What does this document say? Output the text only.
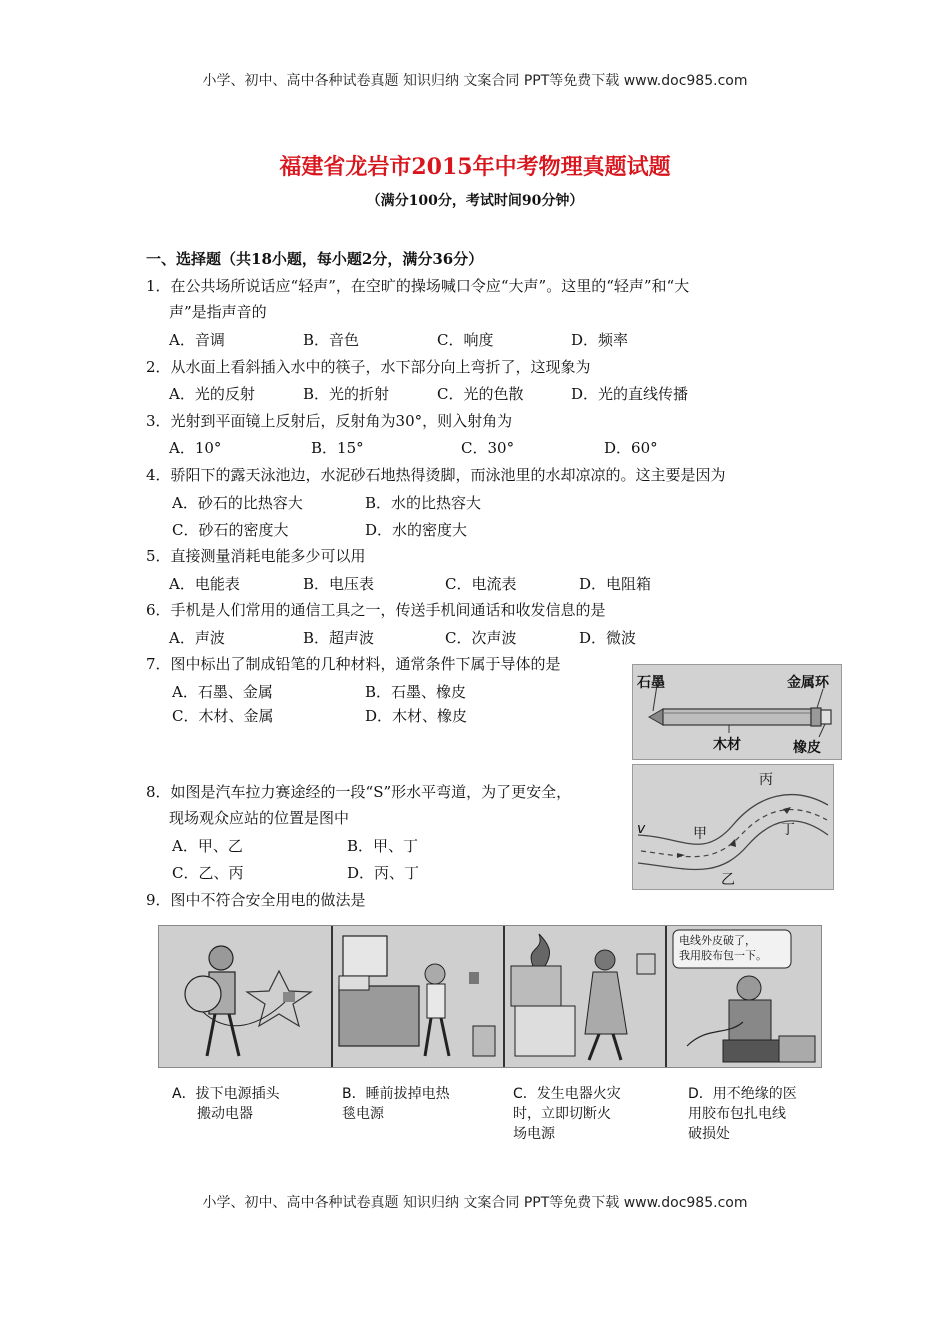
小学、初中、高中各种试卷真题 知识归纳 文案合同 PPT等免费下载 www.doc985.com
福建省龙岩市2015年中考物理真题试题
（满分100分，考试时间90分钟）
一、选择题（共18小题，每小题2分，满分36分）
1．在公共场所说话应“轻声”，在空旷的操场喊口令应“大声”。这里的“轻声”和“大
声”是指声音的
A．音调	B．音色	C．响度	D．频率
2．从水面上看斜插入水中的筷子，水下部分向上弯折了，这现象为
A．光的反射	B．光的折射	C．光的色散	D．光的直线传播
3．光射到平面镜上反射后，反射角为30°，则入射角为
A．10°	B．15°	C．30°	D．60°
4．骄阳下的露天泳池边，水泥砂石地热得烫脚，而泳池里的水却凉凉的。这主要是因为
A．砂石的比热容大	B．水的比热容大
C．砂石的密度大	D．水的密度大
5．直接测量消耗电能多少可以用
A．电能表	B．电压表	C．电流表	D．电阻箱
6．手机是人们常用的通信工具之一，传送手机间通话和收发信息的是
A．声波	B．超声波	C．次声波	D．微波
7．图中标出了制成铅笔的几种材料，通常条件下属于导体的是
A．石墨、金属	B．石墨、橡皮
C．木材、金属	D．木材、橡皮
石墨	金属环
木材	橡皮
8．如图是汽车拉力赛途经的一段“S”形水平弯道，为了更安全，
现场观众应站的位置是图中
A．甲、乙	B．甲、丁
C．乙、丙	D．丙、丁
v	甲
乙
丙
丁
9．图中不符合安全用电的做法是
电线外皮破了，
我用胶布包一下。
A．拔下电源插头
搬动电器
B．睡前拔掉电热
毯电源
C．发生电器火灾
时，立即切断火
场电源
D．用不绝缘的医
用胶布包扎电线
破损处
小学、初中、高中各种试卷真题 知识归纳 文案合同 PPT等免费下载 www.doc985.com
